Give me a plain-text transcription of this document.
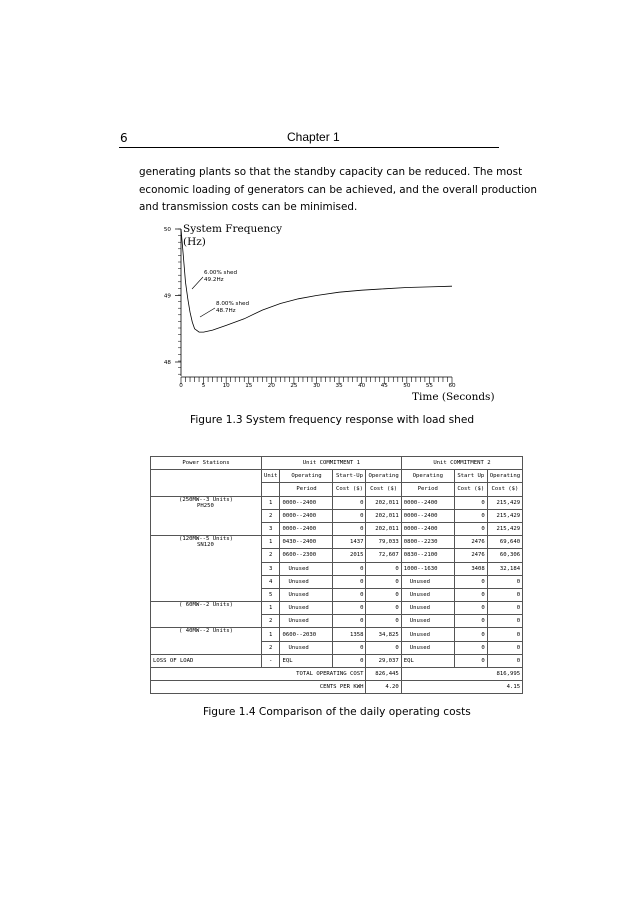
6	Chapter 1
generating plants so that the standby capacity can be reduced. The most
economic loading of generators can be achieved, and the overall production
and transmission costs can be minimised.
0	5	10	15	20	25	30	35	40	45	50	55	60
50
49
48
System Frequency
(Hz)
Time (Seconds)
6.00% shed
49.2Hz
8.00% shed
48.7Hz
Figure 1.3 System frequency response with load shed
Power Stations	Unit COMMITMENT 1				Unit COMMITMENT 2		
	Unit	Operating	Start-Up	Operating	Operating	Start Up	Operating
		Period	Cost ($)	Cost ($)	Period	Cost ($)	Cost ($)

(250MW--3 Units)
PH250	1	0000--2400	0	202,011	0000--2400	0	215,429
	2	0000--2400	0	202,011	0000--2400	0	215,429
	3	0000--2400	0	202,011	0000--2400	0	215,429

(120MW--5 Units)
SN120	1	0430--2400	1437	79,033	0800--2230	2476	69,640
	2	0600--2300	2015	72,607	0830--2100	2476	60,306
	3	Unused	0	0	1000--1630	3408	32,184
	4	Unused	0	0	Unused	0	0
	5	Unused	0	0	Unused	0	0

( 60MW--2 Units)	1	Unused	0	0	Unused	0	0
	2	Unused	0	0	Unused	0	0

( 40MW--2 Units)	1	0600--2030	1358	34,825	Unused	0	0
	2	Unused	0	0	Unused	0	0
LOSS OF LOAD	-	EQL	0	29,037	EQL	0	0
TOTAL OPERATING COST				826,445	816,995		
CENTS PER KWH				4.20	4.15		
Figure 1.4 Comparison of the daily operating costs
